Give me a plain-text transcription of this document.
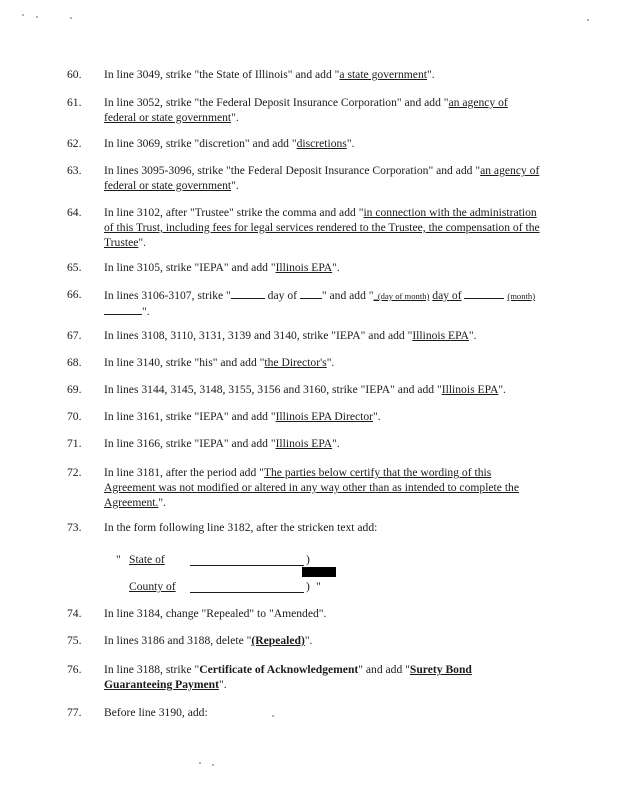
60. In line 3049, strike "the State of Illinois" and add "a state government".
61. In line 3052, strike "the Federal Deposit Insurance Corporation" and add "an agency of federal or state government".
62. In line 3069, strike "discretion" and add "discretions".
63. In lines 3095-3096, strike "the Federal Deposit Insurance Corporation" and add "an agency of federal or state government".
64. In line 3102, after "Trustee" strike the comma and add "in connection with the administration of this Trust, including fees for legal services rendered to the Trustee, the compensation of the Trustee".
65. In line 3105, strike "IEPA" and add "Illinois EPA".
66. In lines 3106-3107, strike "	day of " and add "_(day of month) day of	(month)".
67. In lines 3108, 3110, 3131, 3139 and 3140, strike "IEPA" and add "Illinois EPA".
68. In line 3140, strike "his" and add "the Director's".
69. In lines 3144, 3145, 3148, 3155, 3156 and 3160, strike "IEPA" and add "Illinois EPA".
70. In line 3161, strike "IEPA" and add "Illinois EPA Director".
71. In line 3166, strike "IEPA" and add "Illinois EPA".
72. In line 3181, after the period add "The parties below certify that the wording of this Agreement was not modified or altered in any way other than as intended to complete the Agreement.".
73. In the form following line 3182, after the stricken text add:
74. In line 3184, change "Repealed" to "Amended".
75. In lines 3186 and 3188, delete "(Repealed)".
76. In line 3188, strike "Certificate of Acknowledgement" and add "Surety Bond Guaranteeing Payment".
77. Before line 3190, add:
" State of	)
County of	) "
